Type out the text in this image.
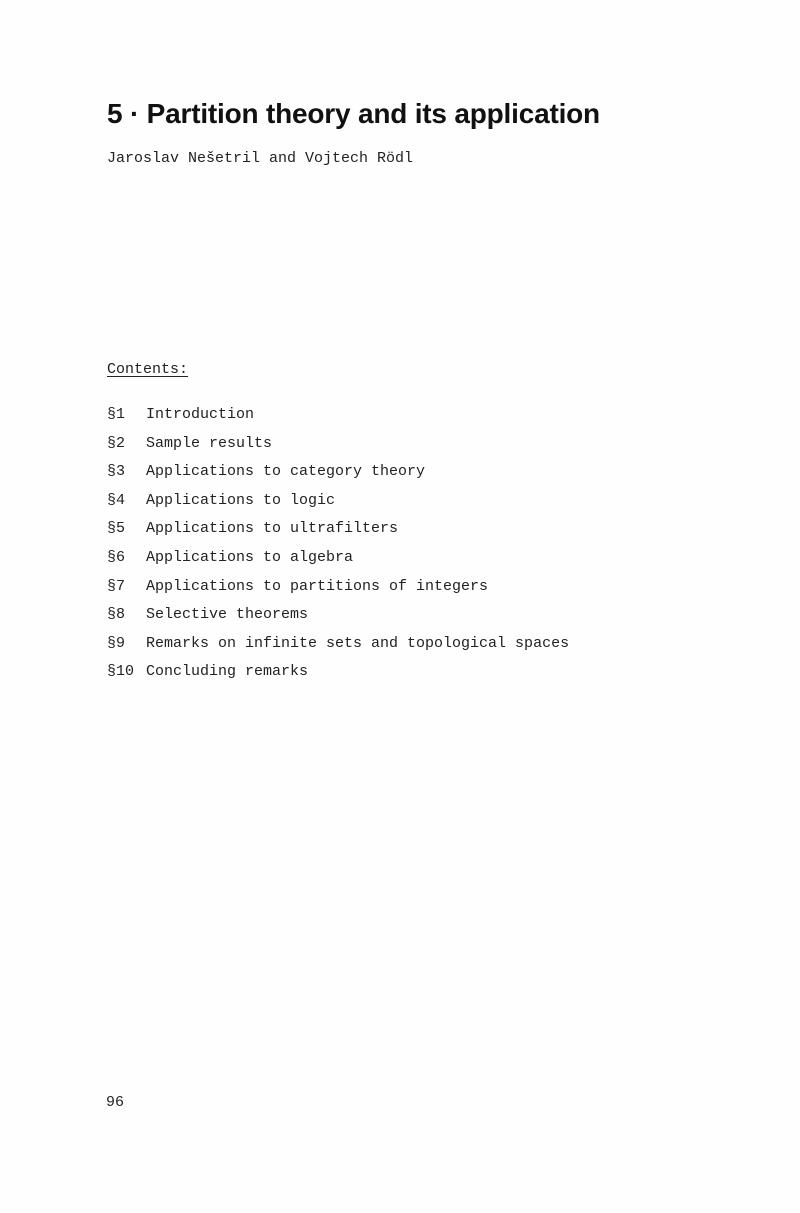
5 · Partition theory and its application
Jaroslav Nešetril and Vojtech Rödl
Contents:
§1	Introduction
§2	Sample results
§3	Applications to category theory
§4	Applications to logic
§5	Applications to ultrafilters
§6	Applications to algebra
§7	Applications to partitions of integers
§8	Selective theorems
§9	Remarks on infinite sets and topological spaces
§10 Concluding remarks
96
